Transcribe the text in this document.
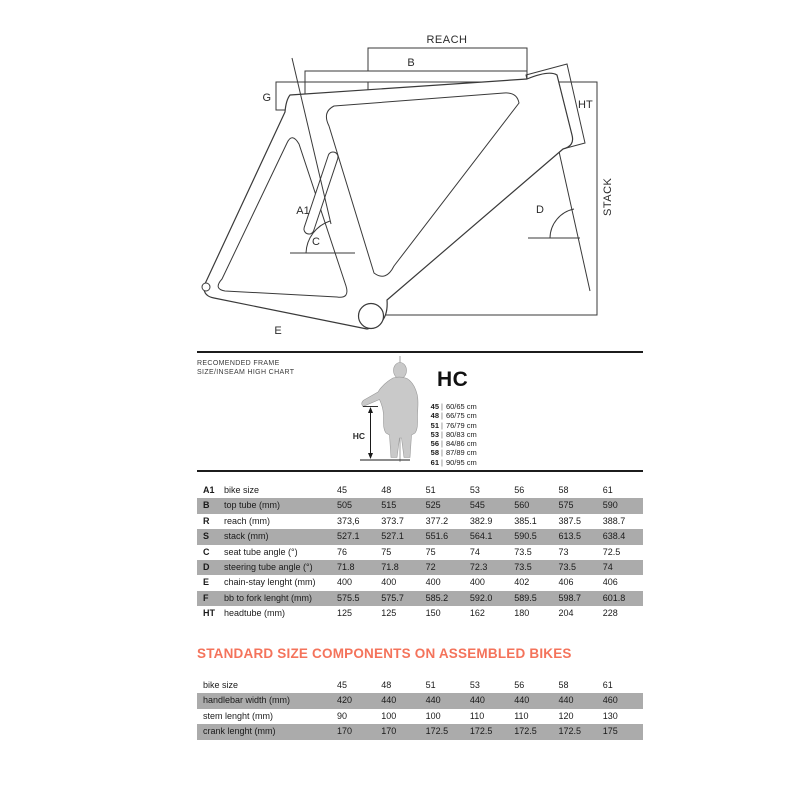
REACH
B
G
HT
STACK
A1
C
D
E
RECOMENDED FRAME
SIZE/INSEAM HIGH CHART
HC
HC
45 | 60/65 cm
48 | 66/75 cm
51 | 76/79 cm
53 | 80/83 cm
56 | 84/86 cm
58 | 87/89 cm
61 | 90/95 cm
A1	bike size	45	48	51	53	56	58	61
B	top tube (mm)	505	515	525	545	560	575	590
R	reach (mm)	373,6	373.7	377.2	382.9	385.1	387.5	388.7
S	stack (mm)	527.1	527.1	551.6	564.1	590.5	613.5	638.4
C	seat tube angle (°)	76	75	75	74	73.5	73	72.5
D	steering tube angle (°)	71.8	71.8	72	72.3	73.5	73.5	74
E	chain-stay lenght (mm)	400	400	400	400	402	406	406
F	bb to fork lenght (mm)	575.5	575.7	585.2	592.0	589.5	598.7	601.8
HT	headtube (mm)	125	125	150	162	180	204	228
STANDARD SIZE COMPONENTS ON ASSEMBLED BIKES
bike size	45	48	51	53	56	58	61
handlebar width (mm)	420	440	440	440	440	440	460
stem lenght (mm)	90	100	100	110	110	120	130
crank lenght (mm)	170	170	172.5	172.5	172.5	172.5	175
